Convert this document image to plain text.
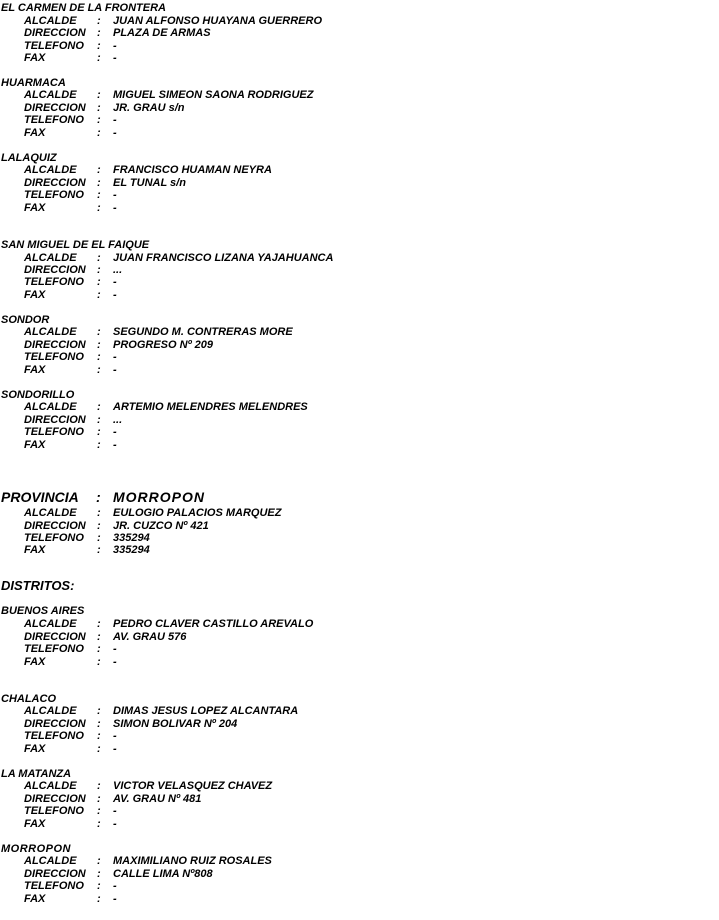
EL CARMEN DE LA FRONTERA
ALCALDE : JUAN ALFONSO HUAYANA GUERRERO
DIRECCION : PLAZA DE ARMAS
TELEFONO : -
FAX	: -
HUARMACA
ALCALDE : MIGUEL SIMEON SAONA RODRIGUEZ
DIRECCION : JR. GRAU s/n
TELEFONO : -
FAX	: -
LALAQUIZ
ALCALDE : FRANCISCO HUAMAN NEYRA
DIRECCION : EL TUNAL s/n
TELEFONO : -
FAX	: -
SAN MIGUEL DE EL FAIQUE
ALCALDE : JUAN FRANCISCO LIZANA YAJAHUANCA
DIRECCION : ...
TELEFONO : -
FAX	: -
SONDOR
ALCALDE : SEGUNDO M. CONTRERAS MORE
DIRECCION : PROGRESO Nº 209
TELEFONO : -
FAX	: -
SONDORILLO
ALCALDE : ARTEMIO MELENDRES MELENDRES
DIRECCION : ...
TELEFONO : -
FAX	: -
PROVINCIA : MORROPON
ALCALDE : EULOGIO PALACIOS MARQUEZ
DIRECCION : JR. CUZCO Nº 421
TELEFONO : 335294
FAX	: 335294
DISTRITOS:
BUENOS AIRES
ALCALDE : PEDRO CLAVER CASTILLO AREVALO
DIRECCION : AV. GRAU 576
TELEFONO : -
FAX	: -
CHALACO
ALCALDE : DIMAS JESUS LOPEZ ALCANTARA
DIRECCION : SIMON BOLIVAR Nº 204
TELEFONO : -
FAX	: -
LA MATANZA
ALCALDE : VICTOR VELASQUEZ CHAVEZ
DIRECCION : AV. GRAU Nº 481
TELEFONO : -
FAX	: -
MORROPON
ALCALDE : MAXIMILIANO RUIZ ROSALES
DIRECCION : CALLE LIMA Nº808
TELEFONO : -
FAX	: -
